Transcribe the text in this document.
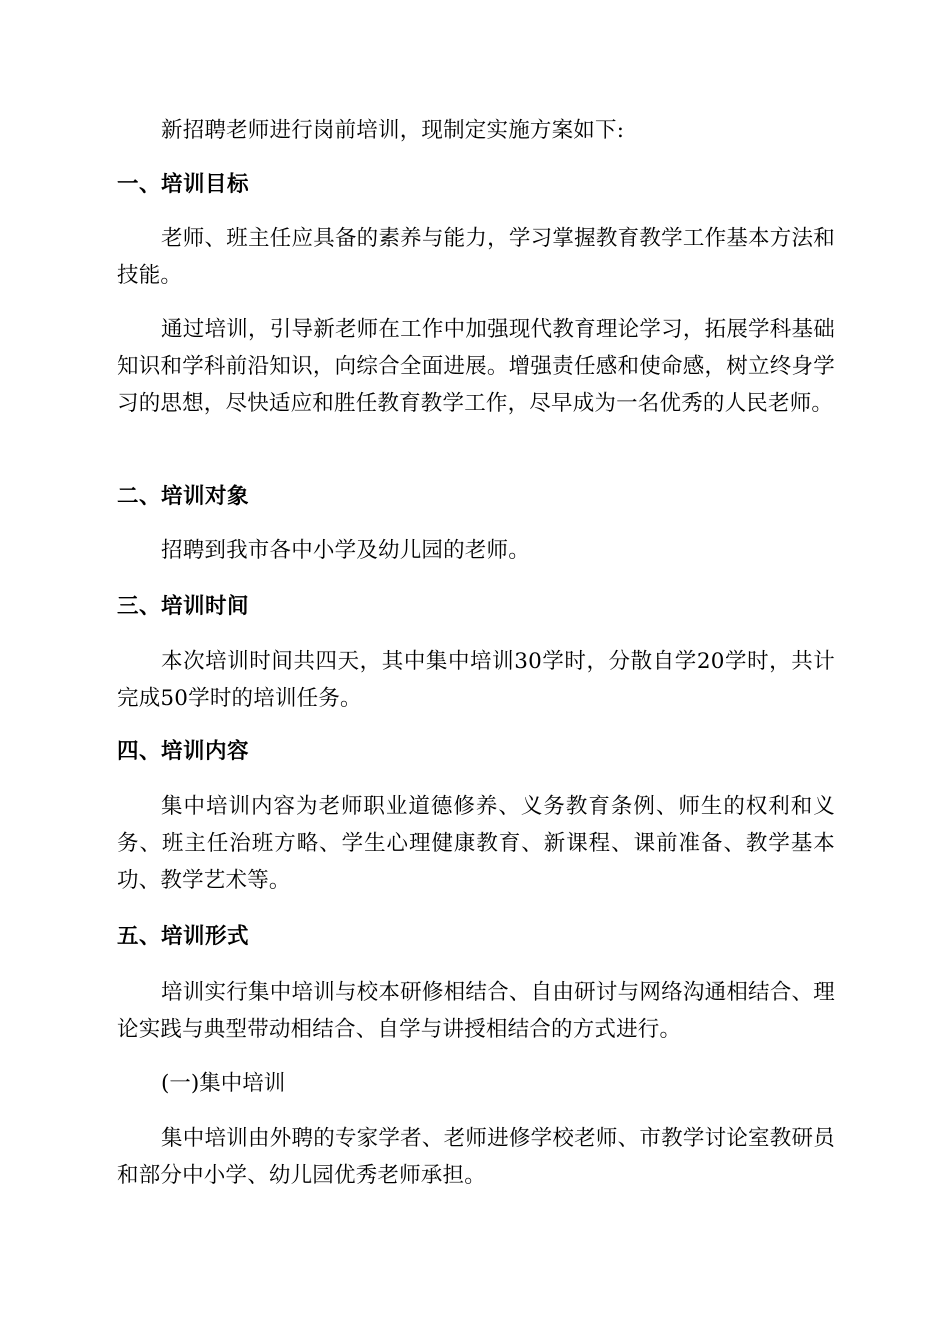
新招聘老师进行岗前培训，现制定实施方案如下:

一、培训目标

老师、班主任应具备的素养与能力，学习掌握教育教学工作基本方法和技能。

通过培训，引导新老师在工作中加强现代教育理论学习，拓展学科基础知识和学科前沿知识，向综合全面进展。增强责任感和使命感，树立终身学习的思想，尽快适应和胜任教育教学工作，尽早成为一名优秀的人民老师。

二、培训对象

招聘到我市各中小学及幼儿园的老师。

三、培训时间

本次培训时间共四天，其中集中培训30学时，分散自学20学时，共计完成50学时的培训任务。

四、培训内容

集中培训内容为老师职业道德修养、义务教育条例、师生的权利和义务、班主任治班方略、学生心理健康教育、新课程、课前准备、教学基本功、教学艺术等。

五、培训形式

培训实行集中培训与校本研修相结合、自由研讨与网络沟通相结合、理论实践与典型带动相结合、自学与讲授相结合的方式进行。

(一)集中培训

集中培训由外聘的专家学者、老师进修学校老师、市教学讨论室教研员和部分中小学、幼儿园优秀老师承担。
